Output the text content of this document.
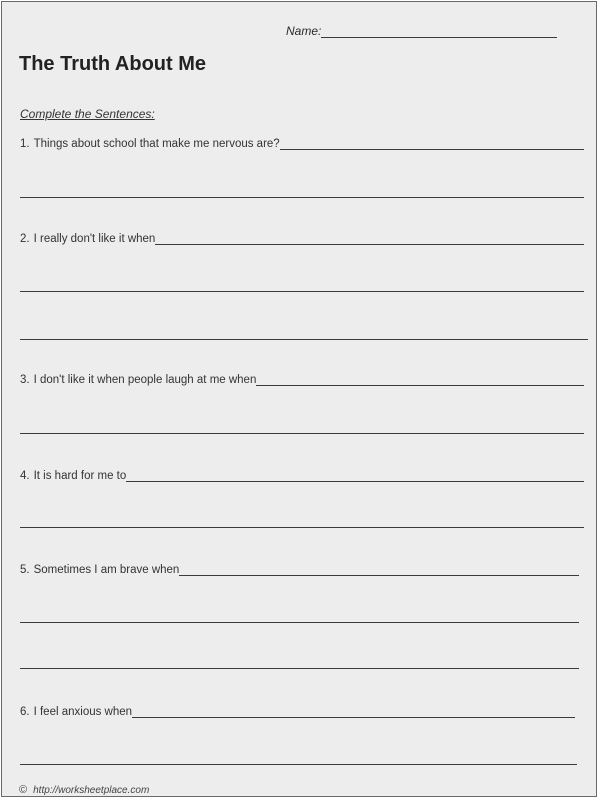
Name:
The Truth About Me
Complete the Sentences:
1. Things about school that make me nervous are?
2. I really don't like it when
3. I don't like it when people laugh at me when
4. It is hard for me to
5. Sometimes I am brave when
6. I feel anxious when
© http://worksheetplace.com
